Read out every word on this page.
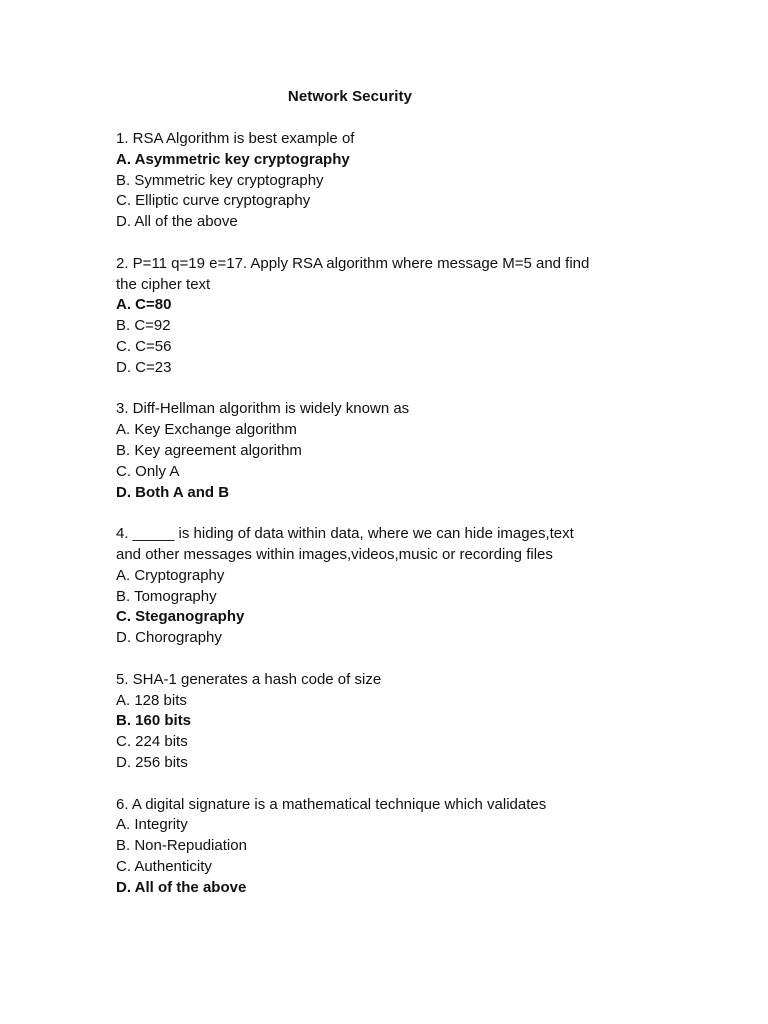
Network Security
1. RSA Algorithm is best example of
A. Asymmetric key cryptography
B. Symmetric key cryptography
C. Elliptic curve cryptography
D. All of the above
2. P=11 q=19 e=17. Apply RSA algorithm where message M=5 and find
the cipher text
A. C=80
B. C=92
C. C=56
D. C=23
3. Diff-Hellman algorithm is widely known as
A. Key Exchange algorithm
B. Key agreement algorithm
C. Only A
D. Both A and B
4. _____ is hiding of data within data, where we can hide images,text
and other messages within images,videos,music or recording files
A. Cryptography
B. Tomography
C. Steganography
D. Chorography
5. SHA-1 generates a hash code of size
A. 128 bits
B. 160 bits
C. 224 bits
D. 256 bits
6. A digital signature is a mathematical technique which validates
A. Integrity
B. Non-Repudiation
C. Authenticity
D. All of the above
